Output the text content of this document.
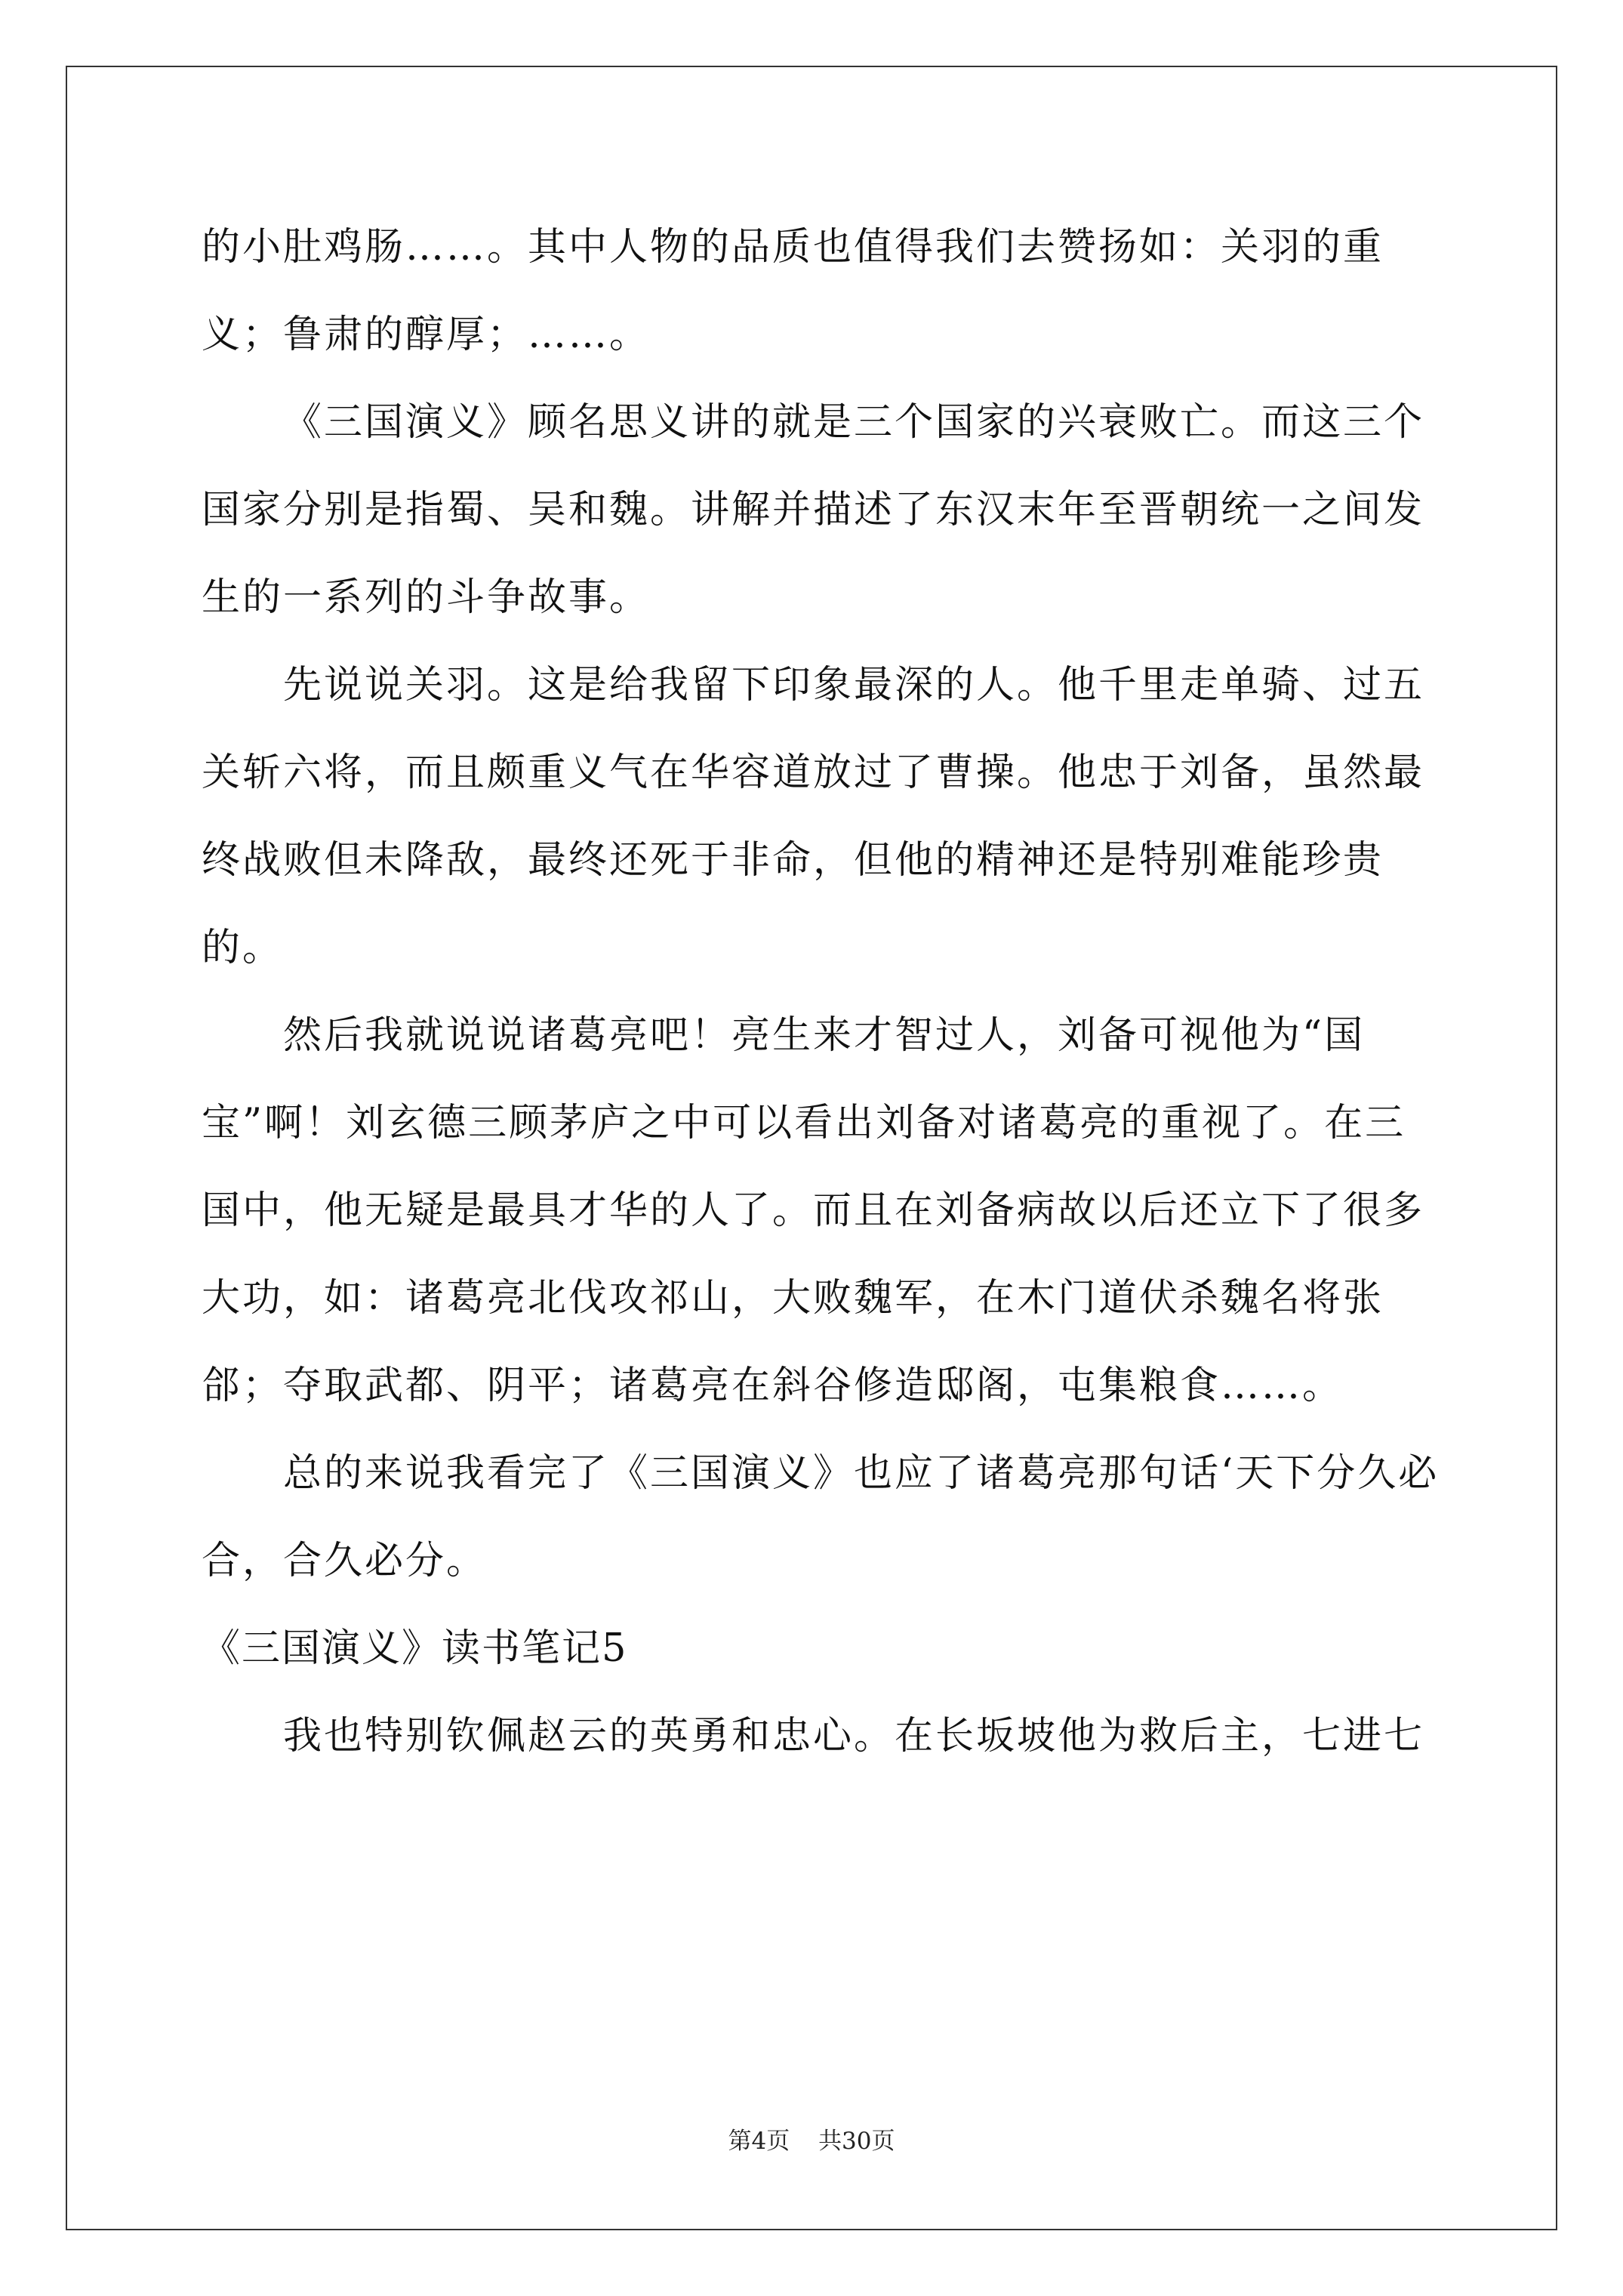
的小肚鸡肠……。其中人物的品质也值得我们去赞扬如：关羽的重义；鲁肃的醇厚；……。

《三国演义》顾名思义讲的就是三个国家的兴衰败亡。而这三个国家分别是指蜀、吴和魏。讲解并描述了东汉末年至晋朝统一之间发生的一系列的斗争故事。

先说说关羽。这是给我留下印象最深的人。他千里走单骑、过五关斩六将，而且颇重义气在华容道放过了曹操。他忠于刘备，虽然最终战败但未降敌，最终还死于非命，但他的精神还是特别难能珍贵的。

然后我就说说诸葛亮吧！亮生来才智过人，刘备可视他为“国宝”啊！刘玄德三顾茅庐之中可以看出刘备对诸葛亮的重视了。在三国中，他无疑是最具才华的人了。而且在刘备病故以后还立下了很多大功，如：诸葛亮北伐攻祁山，大败魏军，在木门道伏杀魏名将张郃；夺取武都、阴平；诸葛亮在斜谷修造邸阁，屯集粮食……。

总的来说我看完了《三国演义》也应了诸葛亮那句话‘天下分久必合，合久必分。

《三国演义》读书笔记5

我也特别钦佩赵云的英勇和忠心。在长坂坡他为救后主，七进七

第4页 共30页
